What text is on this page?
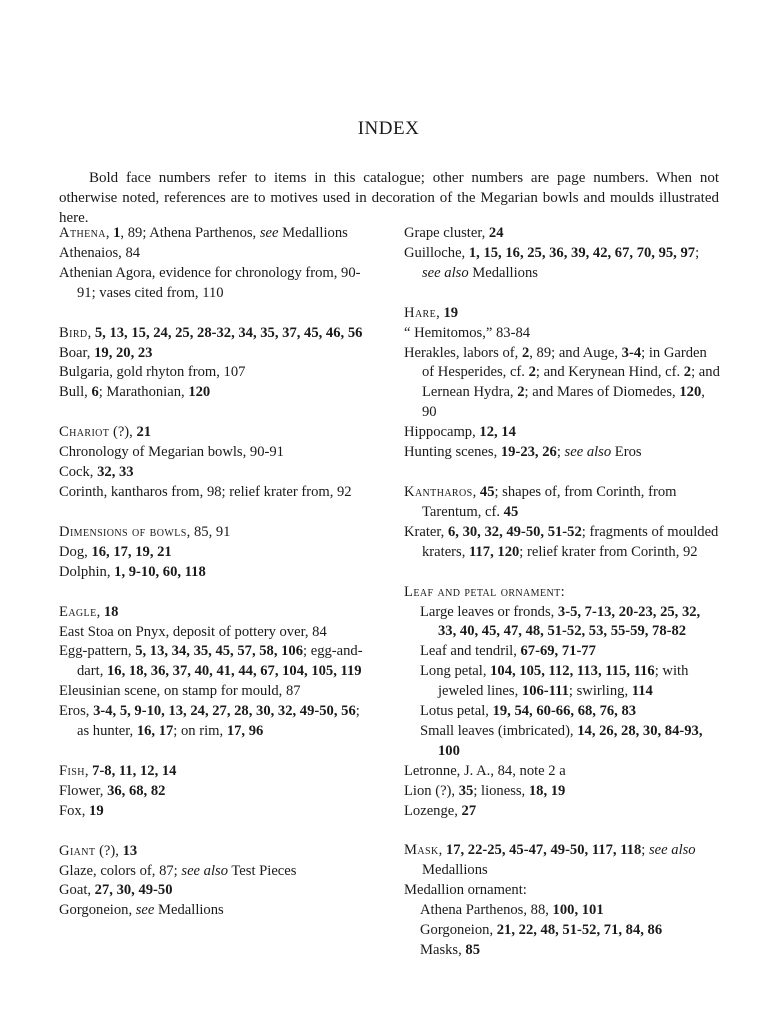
INDEX

Bold face numbers refer to items in this catalogue; other numbers are page numbers. When not otherwise noted, references are to motives used in decoration of the Megarian bowls and moulds illustrated here.

Athena, 1, 89; Athena Parthenos, see Medallions

Athenaios, 84

Athenian Agora, evidence for chronology from, 90-91; vases cited from, 110

Bird, 5, 13, 15, 24, 25, 28-32, 34, 35, 37, 45, 46, 56

Boar, 19, 20, 23

Bulgaria, gold rhyton from, 107

Bull, 6; Marathonian, 120

Chariot (?), 21

Chronology of Megarian bowls, 90-91

Cock, 32, 33

Corinth, kantharos from, 98; relief krater from, 92

Dimensions of bowls, 85, 91

Dog, 16, 17, 19, 21

Dolphin, 1, 9-10, 60, 118

Eagle, 18

East Stoa on Pnyx, deposit of pottery over, 84

Egg-pattern, 5, 13, 34, 35, 45, 57, 58, 106; egg-and-dart, 16, 18, 36, 37, 40, 41, 44, 67, 104, 105, 119

Eleusinian scene, on stamp for mould, 87

Eros, 3-4, 5, 9-10, 13, 24, 27, 28, 30, 32, 49-50, 56; as hunter, 16, 17; on rim, 17, 96

Fish, 7-8, 11, 12, 14

Flower, 36, 68, 82

Fox, 19

Giant (?), 13

Glaze, colors of, 87; see also Test Pieces

Goat, 27, 30, 49-50

Gorgoneion, see Medallions

Grape cluster, 24

Guilloche, 1, 15, 16, 25, 36, 39, 42, 67, 70, 95, 97; see also Medallions

Hare, 19

“ Hemitomos,” 83-84

Herakles, labors of, 2, 89; and Auge, 3-4; in Garden of Hesperides, cf. 2; and Kerynean Hind, cf. 2; and Lernean Hydra, 2; and Mares of Diomedes, 120, 90

Hippocamp, 12, 14

Hunting scenes, 19-23, 26; see also Eros

Kantharos, 45; shapes of, from Corinth, from Tarentum, cf. 45

Krater, 6, 30, 32, 49-50, 51-52; fragments of moulded kraters, 117, 120; relief krater from Corinth, 92

Leaf and petal ornament:

Large leaves or fronds, 3-5, 7-13, 20-23, 25, 32, 33, 40, 45, 47, 48, 51-52, 53, 55-59, 78-82

Leaf and tendril, 67-69, 71-77

Long petal, 104, 105, 112, 113, 115, 116; with jeweled lines, 106-111; swirling, 114

Lotus petal, 19, 54, 60-66, 68, 76, 83

Small leaves (imbricated), 14, 26, 28, 30, 84-93, 100

Letronne, J. A., 84, note 2 a

Lion (?), 35; lioness, 18, 19

Lozenge, 27

Mask, 17, 22-25, 45-47, 49-50, 117, 118; see also Medallions

Medallion ornament:

Athena Parthenos, 88, 100, 101

Gorgoneion, 21, 22, 48, 51-52, 71, 84, 86

Masks, 85
